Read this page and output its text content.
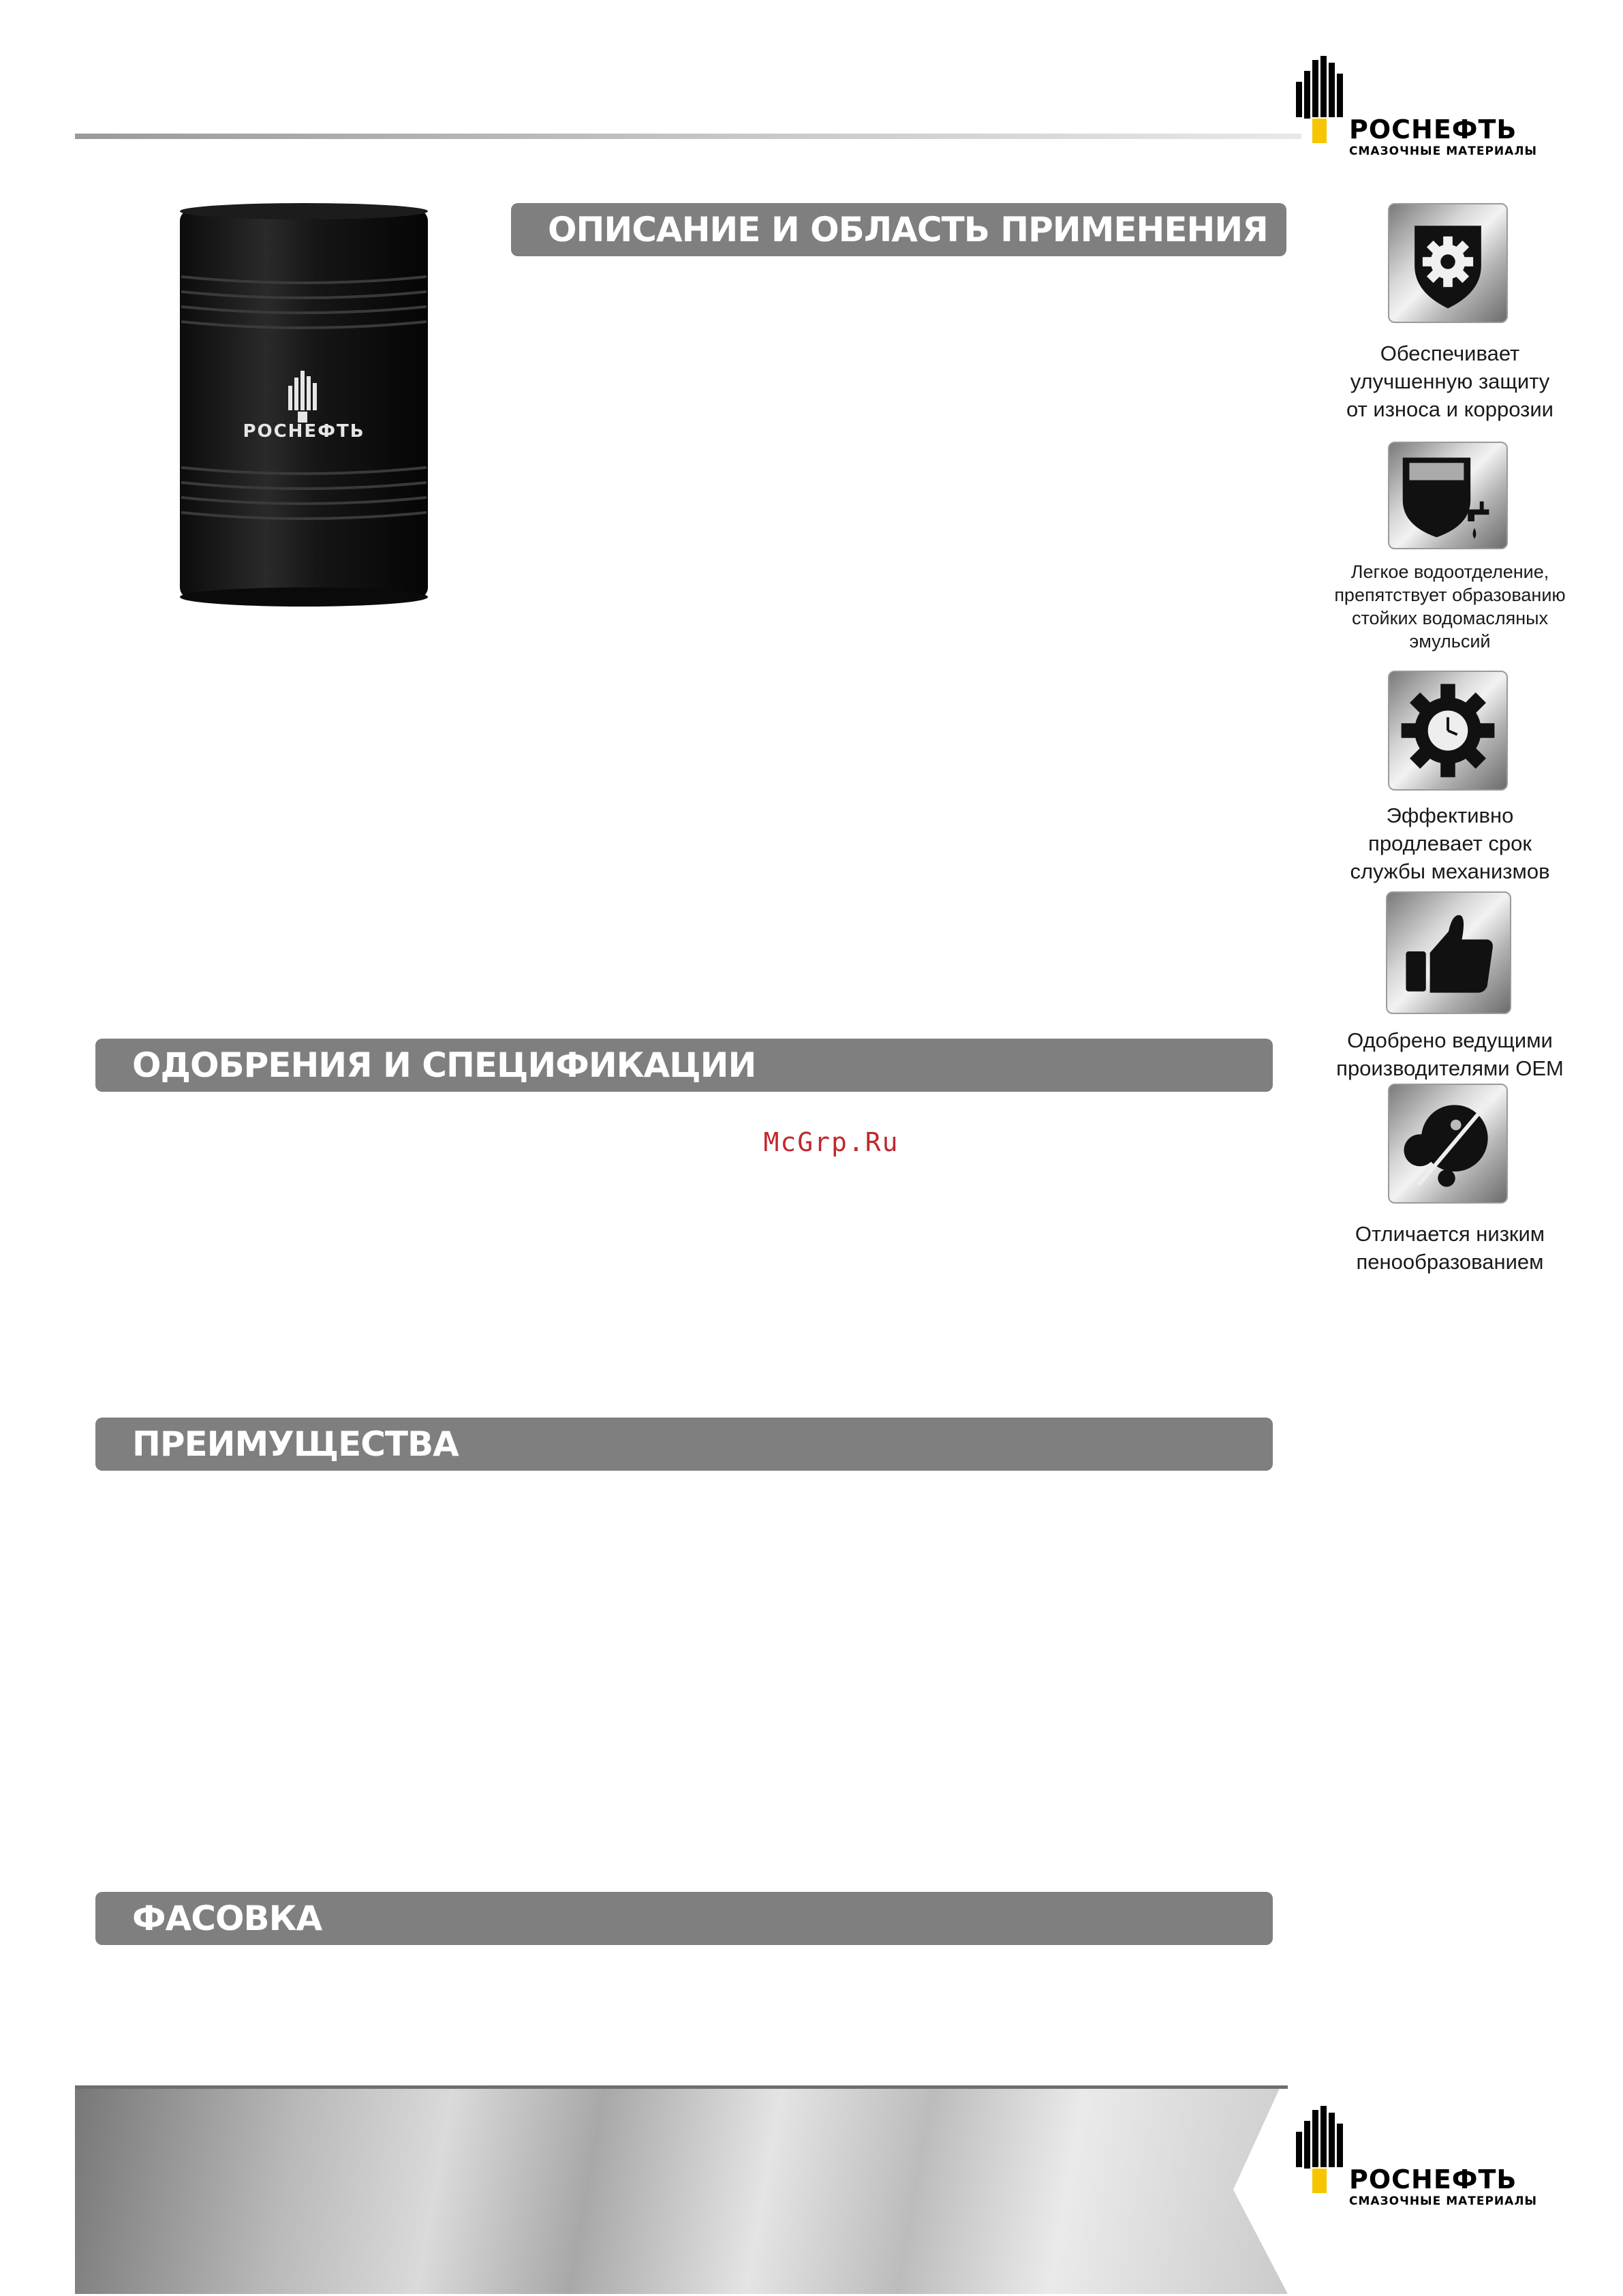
РОСНЕФТЬ
СМАЗОЧНЫЕ МАТЕРИАЛЫ
РОСНЕФТЬ
ОПИСАНИЕ И ОБЛАСТЬ ПРИМЕНЕНИЯ
ОДОБРЕНИЯ И СПЕЦИФИКАЦИИ
ПРЕИМУЩЕСТВА
ФАСОВКА
McGrp.Ru
Обеспечивает
улучшенную защиту
от износа и коррозии
Легкое водоотделение,
препятствует образованию
стойких водомасляных
эмульсий
Эффективно
продлевает срок
службы механизмов
Одобрено ведущими
производителями OEM
Отличается низким
пенообразованием
РОСНЕФТЬ
СМАЗОЧНЫЕ МАТЕРИАЛЫ
